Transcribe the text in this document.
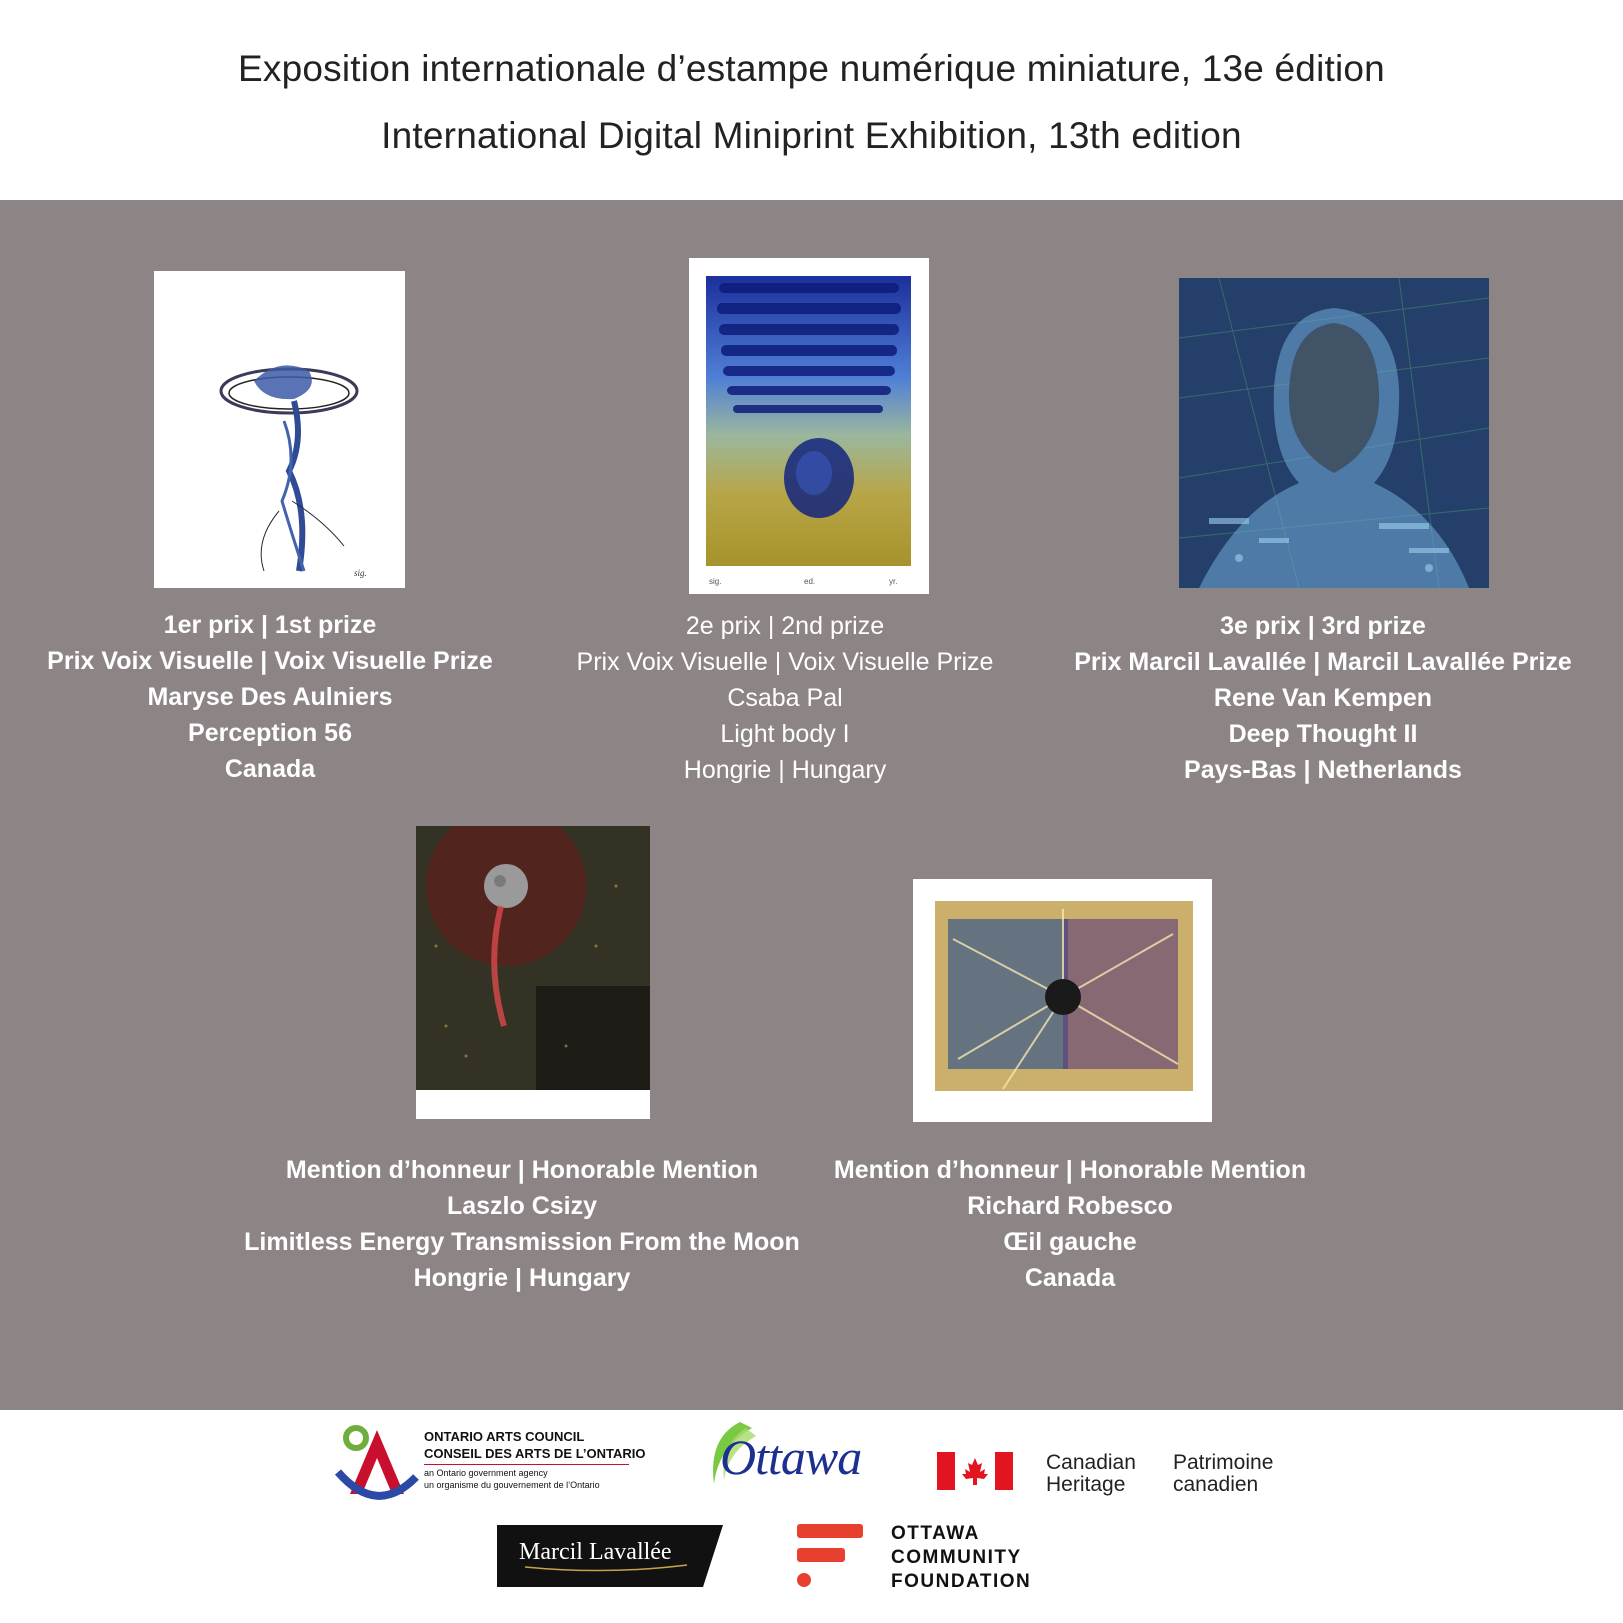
Exposition internationale d’estampe numérique miniature, 13e édition
International Digital Miniprint Exhibition, 13th edition
sig.
sig.	ed.	yr.
1er prix | 1st prize
Prix Voix Visuelle | Voix Visuelle Prize
Maryse Des Aulniers
Perception 56
Canada
2e prix | 2nd prize
Prix Voix Visuelle | Voix Visuelle Prize
Csaba Pal
Light body I
Hongrie | Hungary
3e prix | 3rd prize
Prix Marcil Lavallée | Marcil Lavallée Prize
Rene Van Kempen
Deep Thought II
Pays-Bas | Netherlands
Mention d’honneur | Honorable Mention
Laszlo Csizy
Limitless Energy Transmission From the Moon
Hongrie | Hungary
Mention d’honneur | Honorable Mention
Richard Robesco
Œil gauche
Canada
ONTARIO ARTS COUNCIL
CONSEIL DES ARTS DE L’ONTARIO
an Ontario government agency
un organisme du gouvernement de l’Ontario	Ottawa	Canadian
Heritage
Patrimoine
canadien
Marcil Lavallée
OTTAWA
COMMUNITY
FOUNDATION
